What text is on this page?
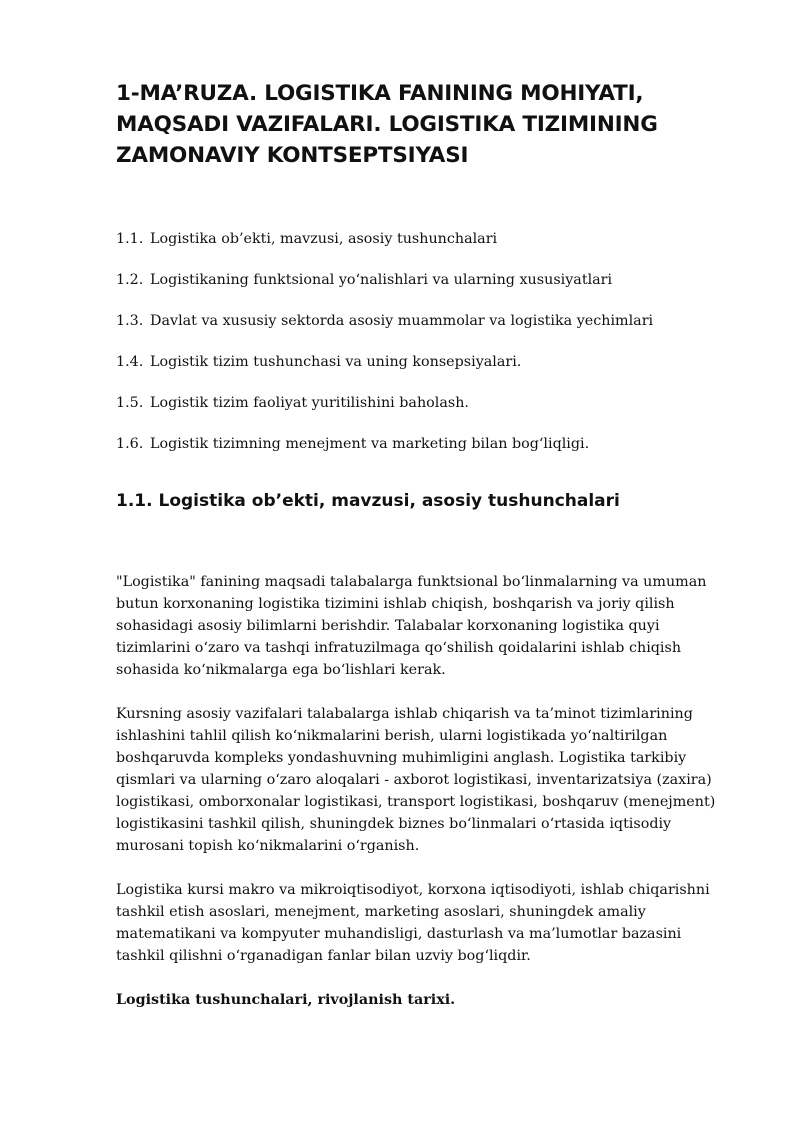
1-MA’RUZA. LOGISTIKA FANINING MOHIYATI, MAQSADI VAZIFALARI. LOGISTIKA TIZIMINING ZAMONAVIY KONTSEPTSIYASI
1.1. Logistika ob’ekti, mavzusi, asosiy tushunchalari
1.2. Logistikaning funktsional yo‘nalishlari va ularning xususiyatlari
1.3. Davlat va xususiy sektorda asosiy muammolar va logistika yechimlari
1.4. Logistik tizim tushunchasi va uning konsepsiyalari.
1.5. Logistik tizim faoliyat yuritilishini baholash.
1.6. Logistik tizimning menejment va marketing bilan bog‘liqligi.
1.1. Logistika ob’ekti, mavzusi, asosiy tushunchalari

"Logistika" fanining maqsadi talabalarga funktsional bo‘linmalarning va umuman butun korxonaning logistika tizimini ishlab chiqish, boshqarish va joriy qilish sohasidagi asosiy bilimlarni berishdir. Talabalar korxonaning logistika quyi tizimlarini o‘zaro va tashqi infratuzilmaga qo‘shilish qoidalarini ishlab chiqish sohasida ko‘nikmalarga ega bo‘lishlari kerak.

Kursning asosiy vazifalari talabalarga ishlab chiqarish va ta’minot tizimlarining ishlashini tahlil qilish ko‘nikmalarini berish, ularni logistikada yo‘naltirilgan boshqaruvda kompleks yondashuvning muhimligini anglash. Logistika tarkibiy qismlari va ularning o‘zaro aloqalari - axborot logistikasi, inventarizatsiya (zaxira) logistikasi, omborxonalar logistikasi, transport logistikasi, boshqaruv (menejment) logistikasini tashkil qilish, shuningdek biznes bo‘linmalari o‘rtasida iqtisodiy murosani topish ko‘nikmalarini o‘rganish.

Logistika kursi makro va mikroiqtisodiyot, korxona iqtisodiyoti, ishlab chiqarishni tashkil etish asoslari, menejment, marketing asoslari, shuningdek amaliy matematikani va kompyuter muhandisligi, dasturlash va ma’lumotlar bazasini tashkil qilishni o‘rganadigan fanlar bilan uzviy bog‘liqdir.

Logistika tushunchalari, rivojlanish tarixi.
